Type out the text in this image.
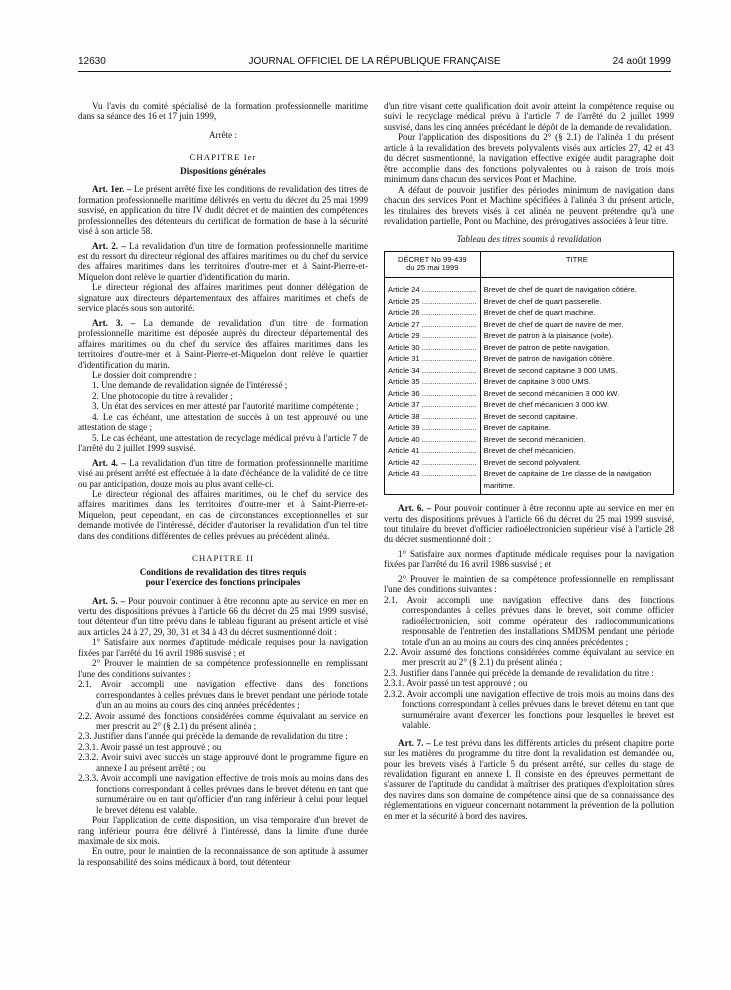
12630	JOURNAL OFFICIEL DE LA RÉPUBLIQUE FRANÇAISE	24 août 1999

Vu l'avis du comité spécialisé de la formation professionnelle maritime dans sa séance des 16 et 17 juin 1999,

Arrête :

CHAPITRE Ier

Dispositions générales

Art. 1er. – Le présent arrêté fixe les conditions de revalidation des titres de formation professionnelle maritime délivrés en vertu du décret du 25 mai 1999 susvisé, en application du titre IV dudit décret et de maintien des compétences professionnelles des détenteurs du certificat de formation de base à la sécurité visé à son article 58.

Art. 2. – La revalidation d'un titre de formation professionnelle maritime est du ressort du directeur régional des affaires maritimes ou du chef du service des affaires maritimes dans les territoires d'outre-mer et à Saint-Pierre-et-Miquelon dont relève le quartier d'identification du marin.

Le directeur régional des affaires maritimes peut donner délégation de signature aux directeurs départementaux des affaires maritimes et chefs de service placés sous son autorité.

Art. 3. – La demande de revalidation d'un titre de formation professionnelle maritime est déposée auprès du directeur départemental des affaires maritimes ou du chef du service des affaires maritimes dans les territoires d'outre-mer et à Saint-Pierre-et-Miquelon dont relève le quartier d'identification du marin.

Le dossier doit comprendre :

1. Une demande de revalidation signée de l'intéressé ;

2. Une photocopie du titre à revalider ;

3. Un état des services en mer attesté par l'autorité maritime compétente ;

4. Le cas échéant, une attestation de succès à un test approuvé ou une attestation de stage ;

5. Le cas échéant, une attestation de recyclage médical prévu à l'article 7 de l'arrêté du 2 juillet 1999 susvisé.

Art. 4. – La revalidation d'un titre de formation professionnelle maritime visé au présent arrêté est effectuée à la date d'échéance de la validité de ce titre ou par anticipation, douze mois au plus avant celle-ci.

Le directeur régional des affaires maritimes, ou le chef du service des affaires maritimes dans les territoires d'outre-mer et à Saint-Pierre-et-Miquelon, peut cependant, en cas de circonstances exceptionnelles et sur demande motivée de l'intéressé, décider d'autoriser la revalidation d'un tel titre dans des conditions différentes de celles prévues au précédent alinéa.

CHAPITRE II

Conditions de revalidation des titres requis

pour l'exercice des fonctions principales

Art. 5. – Pour pouvoir continuer à être reconnu apte au service en mer en vertu des dispositions prévues à l'article 66 du décret du 25 mai 1999 susvisé, tout détenteur d'un titre prévu dans le tableau figurant au présent article et visé aux articles 24 à 27, 29, 30, 31 et 34 à 43 du décret susmentionné doit :

1° Satisfaire aux normes d'aptitude médicale requises pour la navigation fixées par l'arrêté du 16 avril 1986 susvisé ; et

2° Prouver le maintien de sa compétence professionnelle en remplissant l'une des conditions suivantes :

2.1. Avoir accompli une navigation effective dans des fonctions correspondantes à celles prévues dans le brevet pendant une période totale d'un an au moins au cours des cinq années précédentes ;

2.2. Avoir assumé des fonctions considérées comme équivalant au service en mer prescrit au 2° (§ 2.1) du présent alinéa ;

2.3. Justifier dans l'année qui précède la demande de revalidation du titre :

2.3.1. Avoir passé un test approuvé ; ou

2.3.2. Avoir suivi avec succès un stage approuvé dont le programme figure en annexe I au présent arrêté ; ou

2.3.3. Avoir accompli une navigation effective de trois mois au moins dans des fonctions correspondant à celles prévues dans le brevet détenu en tant que surnuméraire ou en tant qu'officier d'un rang inférieur à celui pour lequel le brevet détenu est valable.

Pour l'application de cette disposition, un visa temporaire d'un brevet de rang inférieur pourra être délivré à l'intéressé, dans la limite d'une durée maximale de six mois.

En outre, pour le maintien de la reconnaissance de son aptitude à assumer la responsabilité des soins médicaux à bord, tout détenteur

d'un titre visant cette qualification doit avoir atteint la compétence requise ou suivi le recyclage médical prévu à l'article 7 de l'arrêté du 2 juillet 1999 susvisé, dans les cinq années précédant le dépôt de la demande de revalidation.

Pour l'application des dispositions du 2° (§ 2.1) de l'alinéa 1 du présent article à la revalidation des brevets polyvalents visés aux articles 27, 42 et 43 du décret susmentionné, la navigation effective exigée audit paragraphe doit être accomplie dans des fonctions polyvalentes ou à raison de trois mois minimum dans chacun des services Pont et Machine.

A défaut de pouvoir justifier des périodes minimum de navigation dans chacun des services Pont et Machine spécifiées à l'alinéa 3 du présent article, les titulaires des brevets visés à cet alinéa ne peuvent prétendre qu'à une revalidation partielle, Pont ou Machine, des prérogatives associées à leur titre.

Tableau des titres soumis à revalidation

DÉCRET No 99-439
du 25 mai 1999	TITRE
Article 24 ..........................	Brevet de chef de quart de navigation côtière.
Article 25 ..........................	Brevet de chef de quart passerelle.
Article 26 ..........................	Brevet de chef de quart machine.
Article 27 ..........................	Brevet de chef de quart de navire de mer.
Article 29 ..........................	Brevet de patron à la plaisance (voile).
Article 30 ..........................	Brevet de patron de petite navigation.
Article 31 ..........................	Brevet de patron de navigation côtière.
Article 34 ..........................	Brevet de second capitaine 3 000 UMS.
Article 35 ..........................	Brevet de capitaine 3 000 UMS.
Article 36 ..........................	Brevet de second mécanicien 3 000 kW.
Article 37 ..........................	Brevet de chef mécanicien 3 000 kW.
Article 38 ..........................	Brevet de second capitaine.
Article 39 ..........................	Brevet de capitaine.
Article 40 ..........................	Brevet de second mécanicien.
Article 41 ..........................	Brevet de chef mécanicien.
Article 42 ..........................	Brevet de second polyvalent.
Article 43 ..........................	Brevet de capitaine de 1re classe de la navigation maritime.

Art. 6. – Pour pouvoir continuer à être reconnu apte au service en mer en vertu des dispositions prévues à l'article 66 du décret du 25 mai 1999 susvisé, tout titulaire du brevet d'officier radioélectronicien supérieur visé à l'article 28 du décret susmentionné doit :

1° Satisfaire aux normes d'aptitude médicale requises pour la navigation fixées par l'arrêté du 16 avril 1986 susvisé ; et

2° Prouver le maintien de sa compétence professionnelle en remplissant l'une des conditions suivantes :

2.1. Avoir accompli une navigation effective dans des fonctions correspondantes à celles prévues dans le brevet, soit comme officier radioélectronicien, soit comme opérateur des radiocommunications responsable de l'entretien des installations SMDSM pendant une période totale d'un an au moins au cours des cinq années précédentes ;

2.2. Avoir assumé des fonctions considérées comme équivalant au service en mer prescrit au 2° (§ 2.1) du présent alinéa ;

2.3. Justifier dans l'année qui précède la demande de revalidation du titre :

2.3.1. Avoir passé un test approuvé ; ou

2.3.2. Avoir accompli une navigation effective de trois mois au moins dans des fonctions correspondant à celles prévues dans le brevet détenu en tant que surnuméraire avant d'exercer les fonctions pour lesquelles le brevet est valable.

Art. 7. – Le test prévu dans les différents articles du présent chapitre porte sur les matières du programme du titre dont la revalidation est demandée ou, pour les brevets visés à l'article 5 du présent arrêté, sur celles du stage de revalidation figurant en annexe I. Il consiste en des épreuves permettant de s'assurer de l'aptitude du candidat à maîtriser des pratiques d'exploitation sûres des navires dans son domaine de compétence ainsi que de sa connaissance des réglementations en vigueur concernant notamment la prévention de la pollution en mer et la sécurité à bord des navires.
